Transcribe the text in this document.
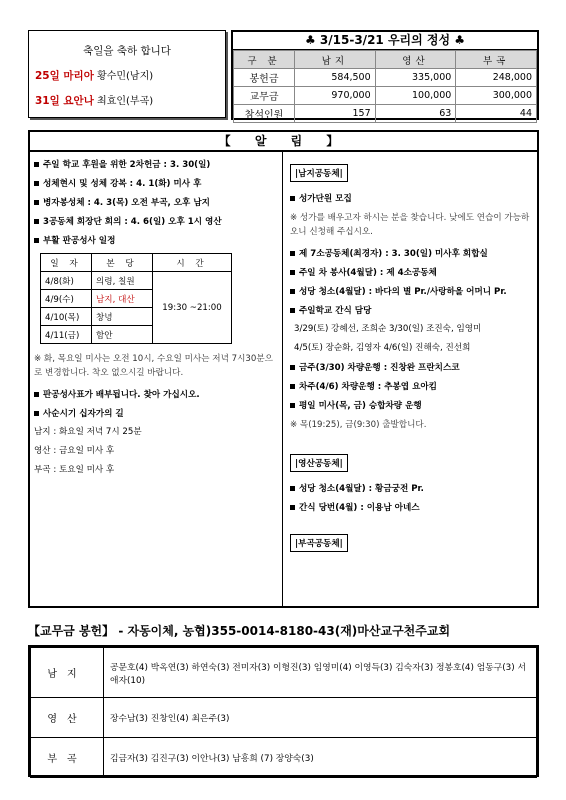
축일을 축하 합니다
25일 마리아 황수민(남지)
31일 요안나 최효인(부곡)
♣ 3/15-3/21 우리의 정성 ♣
구 분	남지	영산	부곡
봉헌금	584,500	335,000	248,000
교무금	970,000	100,000	300,000
참석인원	157	63	44
【 알 림 】
주일 학교 후원을 위한 2차헌금 : 3. 30(일)
성체현시 및 성체 강복 : 4. 1(화) 미사 후
병자봉성체 : 4. 3(목) 오전 부곡, 오후 남지
3공동체 회장단 회의 : 4. 6(일) 오후 1시 영산
부활 판공성사 일정
일 자	본 당	시 간
4/8(화)	의령, 칠원	19:30 ~21:00
4/9(수)	남지, 대산	
4/10(목)	창녕	
4/11(금)	함안	
※ 화, 목요일 미사는 오전 10시, 수요일 미사는 저녁 7시30분으로 변경합니다. 착오 없으시길 바랍니다.
판공성사표가 배부됩니다. 찾아 가십시오.
사순시기 십자가의 길
남지 : 화요일 저녁 7시 25분
영산 : 금요일 미사 후
부곡 : 토요일 미사 후
|남지공동체|
성가단원 모집
※ 성가를 배우고자 하시는 분을 찾습니다. 낮에도 연습이 가능하오니 신청해 주십시오.
제 7소공동체(최경자) : 3. 30(일) 미사후 회합실
주일 차 봉사(4월달) : 제 4소공동체
성당 청소(4월달) : 바다의 별 Pr./사랑하올 어머니 Pr.
주일학교 간식 담당
3/29(토) 강혜선, 조희순 3/30(일) 조진숙, 임영미
4/5(토) 장순화, 김영자 4/6(일) 진해숙, 진선희
금주(3/30) 차량운행 : 진창완 프란치스코
차주(4/6) 차량운행 : 추봉엽 요아킴
평일 미사(목, 금) 승합차량 운행
※ 목(19:25), 금(9:30) 출발합니다.
|영산공동체|
성당 청소(4월달) : 황금궁전 Pr.
간식 당번(4월) : 이용남 아네스
|부곡공동체|
【교무금 봉헌】 - 자동이체, 농협)355-0014-8180-43(재)마산교구천주교회
남지	공문호(4) 박옥연(3) 하연숙(3) 전미자(3) 이형진(3) 임영미(4) 이영득(3) 김숙자(3) 정봉호(4) 엄동구(3) 서애자(10)
영산	장수남(3) 진창인(4) 최은주(3)
부곡	김금자(3) 김진구(3) 이안나(3) 남흥희 (7) 장양숙(3)
